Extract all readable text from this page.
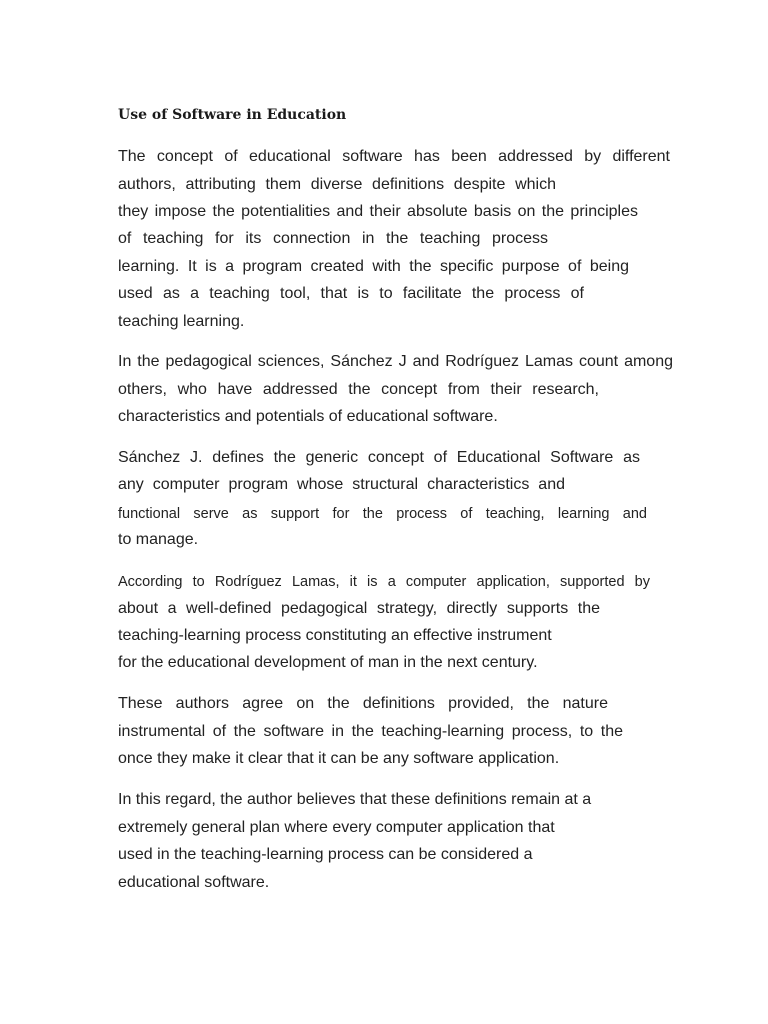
Use of Software in Education
The concept of educational software has been addressed by different
authors, attributing them diverse definitions despite which
they impose the potentialities and their absolute basis on the principles
of teaching for its connection in the teaching process
learning. It is a program created with the specific purpose of being
used as a teaching tool, that is to facilitate the process of
teaching learning.
In the pedagogical sciences, Sánchez J and Rodríguez Lamas count among
others, who have addressed the concept from their research,
characteristics and potentials of educational software.
Sánchez J. defines the generic concept of Educational Software as
any computer program whose structural characteristics and
functional serve as support for the process of teaching, learning and
to manage.
According to Rodríguez Lamas, it is a computer application, supported by
about a well-defined pedagogical strategy, directly supports the
teaching-learning process constituting an effective instrument
for the educational development of man in the next century.
These authors agree on the definitions provided, the nature
instrumental of the software in the teaching-learning process, to the
once they make it clear that it can be any software application.
In this regard, the author believes that these definitions remain at a
extremely general plan where every computer application that
used in the teaching-learning process can be considered a
educational software.
